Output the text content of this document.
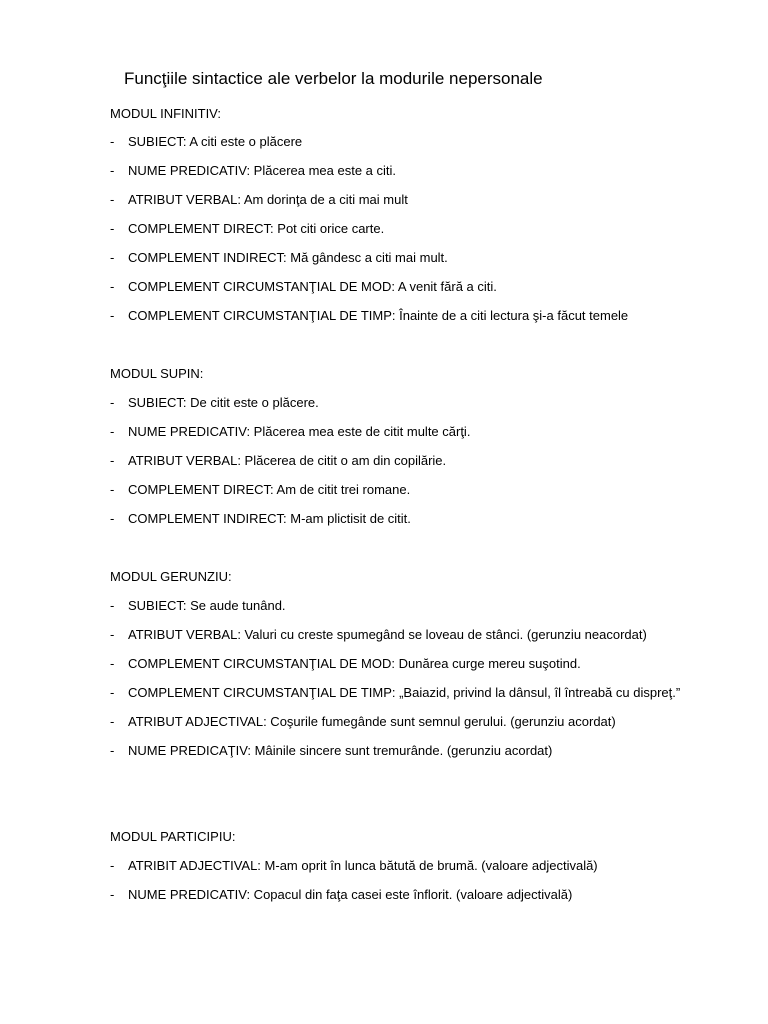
Funcţiile sintactice ale verbelor la modurile nepersonale
MODUL INFINITIV:
- SUBIECT: A citi este o plăcere
- NUME PREDICATIV: Plăcerea mea este a citi.
- ATRIBUT VERBAL: Am dorinţa de a citi mai mult
- COMPLEMENT DIRECT: Pot citi orice carte.
- COMPLEMENT INDIRECT: Mă gândesc a citi mai mult.
- COMPLEMENT CIRCUMSTANŢIAL DE MOD: A venit fără a citi.
- COMPLEMENT CIRCUMSTANŢIAL DE TIMP: Înainte de a citi lectura şi-a făcut temele
MODUL SUPIN:
- SUBIECT: De citit este o plăcere.
- NUME PREDICATIV: Plăcerea mea este de citit multe cărţi.
- ATRIBUT VERBAL: Plăcerea de citit o am din copilărie.
- COMPLEMENT DIRECT: Am de citit trei romane.
- COMPLEMENT INDIRECT: M-am plictisit de citit.
MODUL GERUNZIU:
- SUBIECT: Se aude tunând.
- ATRIBUT VERBAL: Valuri cu creste spumegând se loveau de stânci. (gerunziu neacordat)
- COMPLEMENT CIRCUMSTANŢIAL DE MOD: Dunărea curge mereu suşotind.
- COMPLEMENT CIRCUMSTANŢIAL DE TIMP: „Baiazid, privind la dânsul, îl întreabă cu dispreţ.”
- ATRIBUT ADJECTIVAL: Coşurile fumegânde sunt semnul gerului. (gerunziu acordat)
- NUME PREDICAŢIV: Mâinile sincere sunt tremurânde. (gerunziu acordat)
MODUL PARTICIPIU:
- ATRIBIT ADJECTIVAL: M-am oprit în lunca bătută de brumă. (valoare adjectivală)
- NUME PREDICATIV: Copacul din faţa casei este înflorit. (valoare adjectivală)
